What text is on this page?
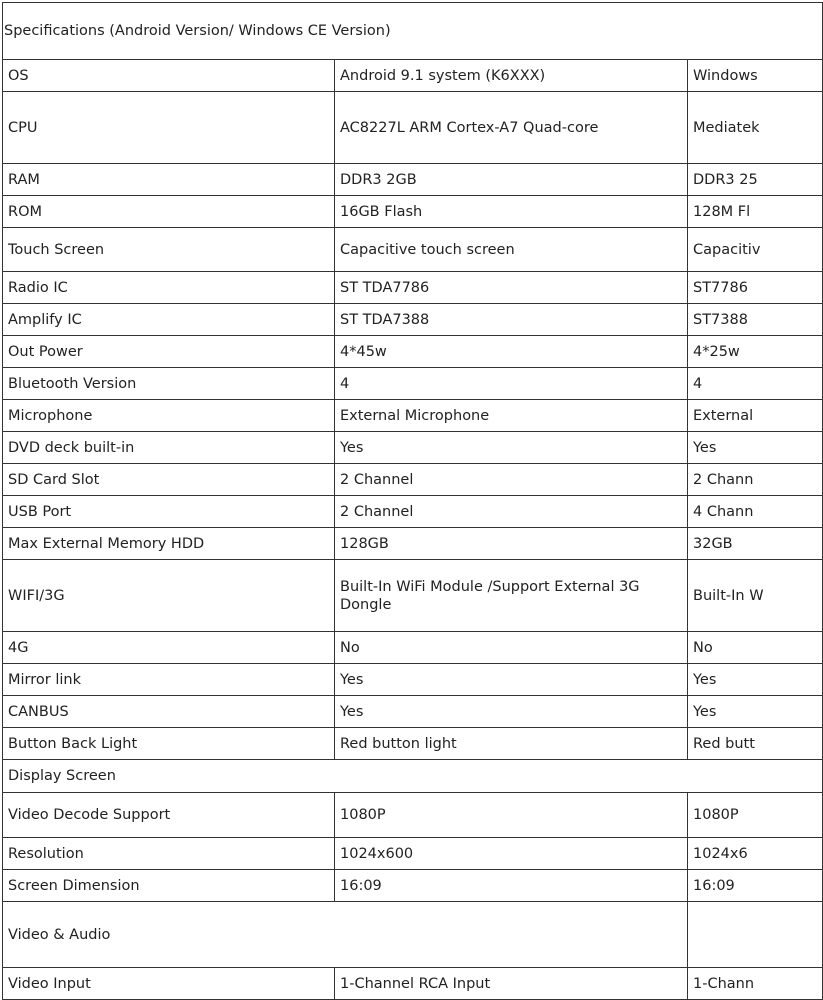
Specifications (Android Version/ Windows CE Version)		
OS	Android 9.1 system (K6XXX)	Windows
CPU	AC8227L ARM Cortex-A7 Quad-core	Mediatek
RAM	DDR3 2GB	DDR3 25
ROM	16GB Flash	128M Fl
Touch Screen	Capacitive touch screen	Capacitiv
Radio IC	ST TDA7786	ST7786
Amplify IC	ST TDA7388	ST7388
Out Power	4*45w	4*25w
Bluetooth Version	4	4
Microphone	External Microphone	External
DVD deck built-in	Yes	Yes
SD Card Slot	2 Channel	2 Chann
USB Port	2 Channel	4 Chann
Max External Memory HDD	128GB	32GB
WIFI/3G	Built-In WiFi Module /Support External 3G Dongle	Built-In W
4G	No	No
Mirror link	Yes	Yes
CANBUS	Yes	Yes
Button Back Light	Red button light	Red butt
Display Screen		
Video Decode Support	1080P	1080P
Resolution	1024x600	1024x6
Screen Dimension	16:09	16:09
Video & Audio		
Video Input	1-Channel RCA Input	1-Chann
